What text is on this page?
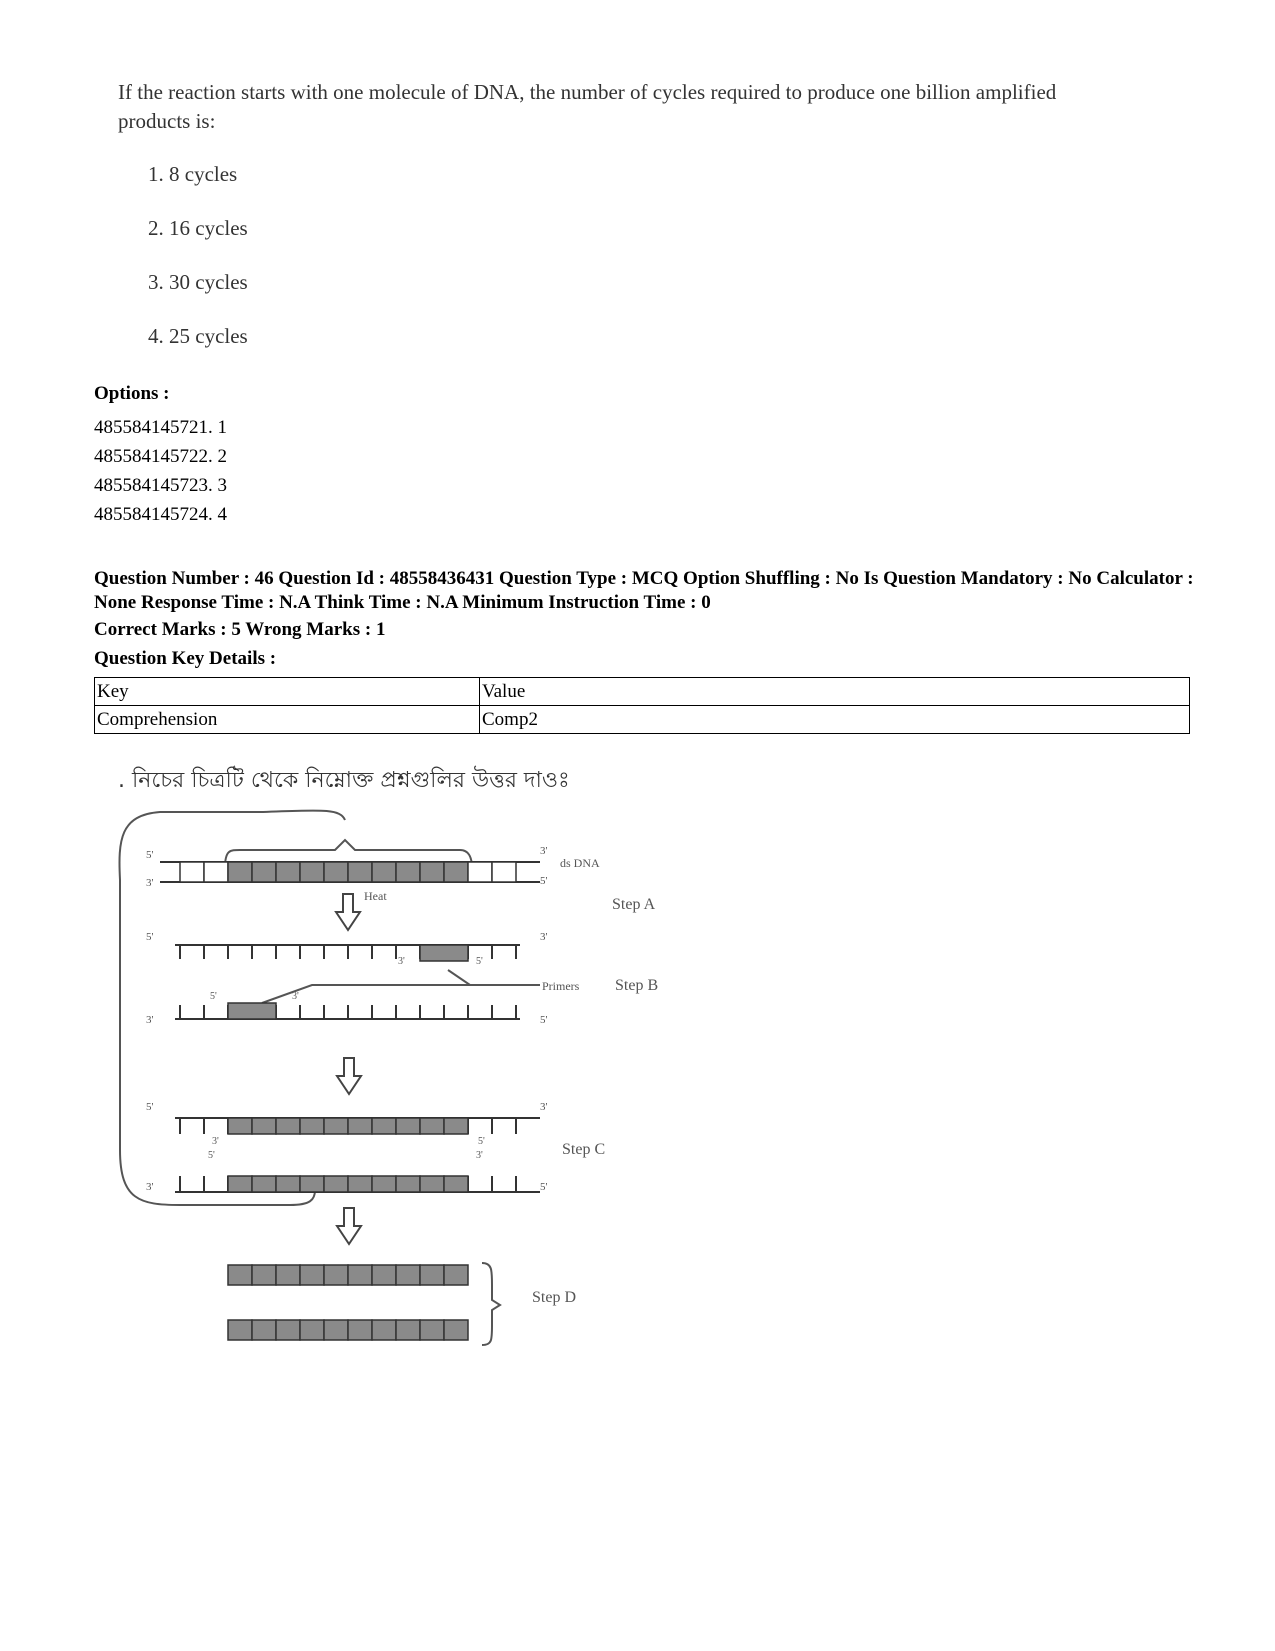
If the reaction starts with one molecule of DNA, the number of cycles required to produce one billion amplified products is:
1. 8 cycles
2. 16 cycles
3. 30 cycles
4. 25 cycles
Options :
485584145721. 1
485584145722. 2
485584145723. 3
485584145724. 4
Question Number : 46 Question Id : 48558436431 Question Type : MCQ Option Shuffling : No Is Question Mandatory : No Calculator : None Response Time : N.A Think Time : N.A Minimum Instruction Time : 0
Correct Marks : 5 Wrong Marks : 1
Question Key Details :
Key	Value
Comprehension	Comp2
. নিচের চিত্রটি থেকে নিম্নোক্ত প্রশ্নগুলির উত্তর দাওঃ
ds DNA
Heat	Step A
Primers Step B
Step C
Step D
5'
3'
3'
5'
5'	3'
3'	5'
5'	3'
3'	5'
5'	3'
3'	5'
5'	3'
3'	5'
